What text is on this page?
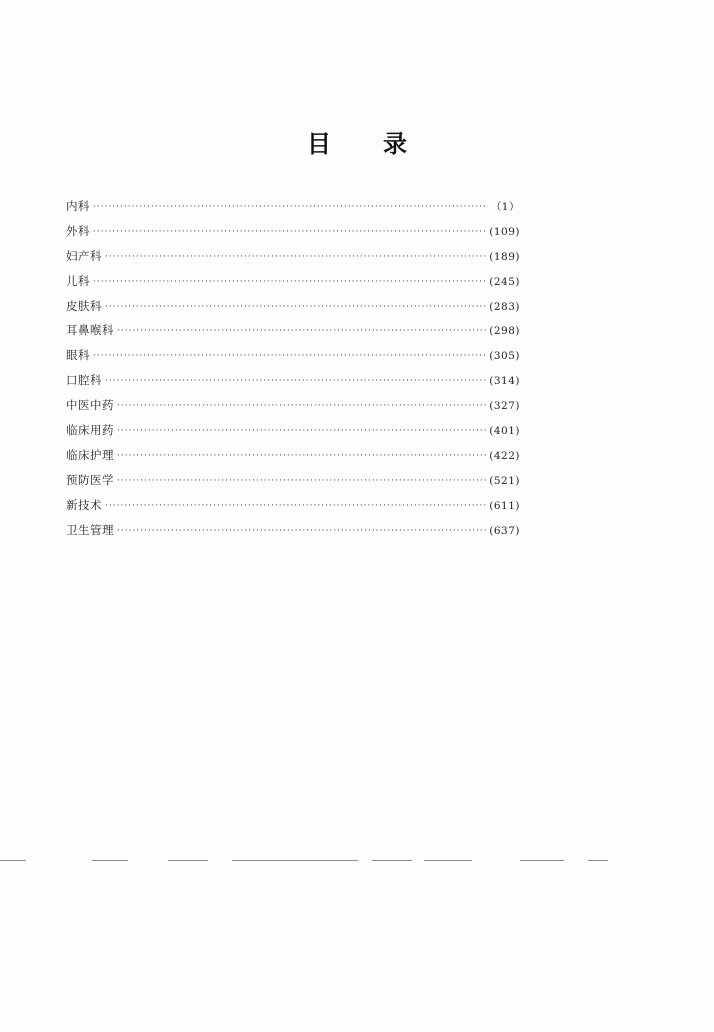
目 录
内科 ·····	（1）
外科 ·····	(109)
妇产科 ·····	(189)
儿科 ·····	(245)
皮肤科 ·····	(283)
耳鼻喉科 ·····	(298)
眼科 ·····	(305)
口腔科 ·····	(314)
中医中药 ·····	(327)
临床用药 ·····	(401)
临床护理 ·····	(422)
预防医学 ·····	(521)
新技术 ·····	(611)
卫生管理 ·····	(637)
